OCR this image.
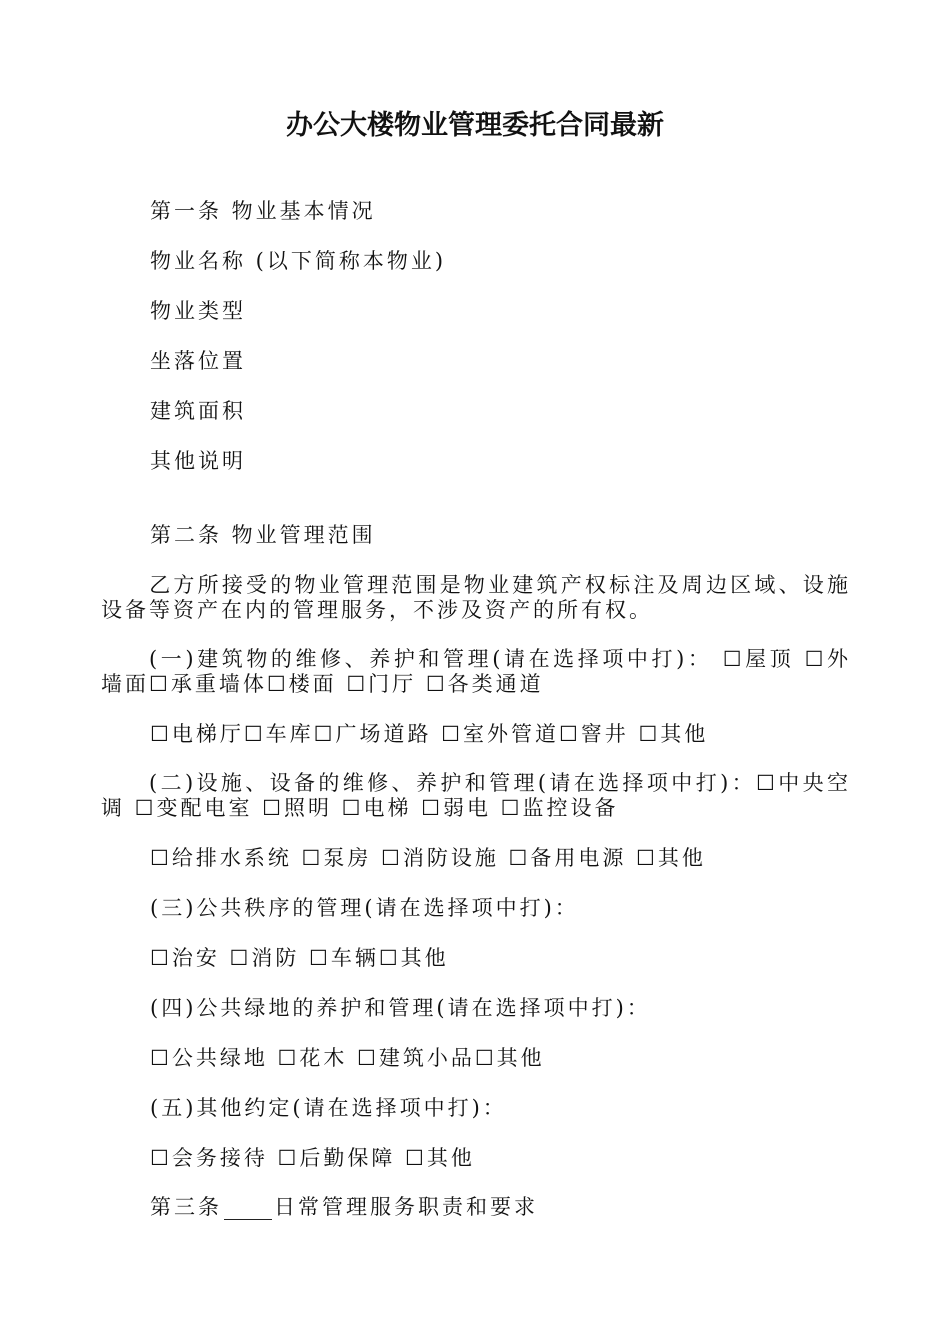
办公大楼物业管理委托合同最新
第一条 物业基本情况
物业名称 (以下简称本物业)
物业类型
坐落位置
建筑面积
其他说明
第二条 物业管理范围
乙方所接受的物业管理范围是物业建筑产权标注及周边区域、设施设备等资产在内的管理服务，不涉及资产的所有权。
(一)建筑物的维修、养护和管理(请在选择项中打)： ☐屋顶 ☐外墙面☐承重墙体☐楼面 ☐门厅 ☐各类通道
☐电梯厅☐车库☐广场道路 ☐室外管道☐窨井 ☐其他
(二)设施、设备的维修、养护和管理(请在选择项中打)：☐中央空调 ☐变配电室 ☐照明 ☐电梯 ☐弱电 ☐监控设备
☐给排水系统 ☐泵房 ☐消防设施 ☐备用电源 ☐其他
(三)公共秩序的管理(请在选择项中打)：
☐治安 ☐消防 ☐车辆☐其他
(四)公共绿地的养护和管理(请在选择项中打)：
☐公共绿地 ☐花木 ☐建筑小品☐其他
(五)其他约定(请在选择项中打)：
☐会务接待 ☐后勤保障 ☐其他
第三条 日常管理服务职责和要求
